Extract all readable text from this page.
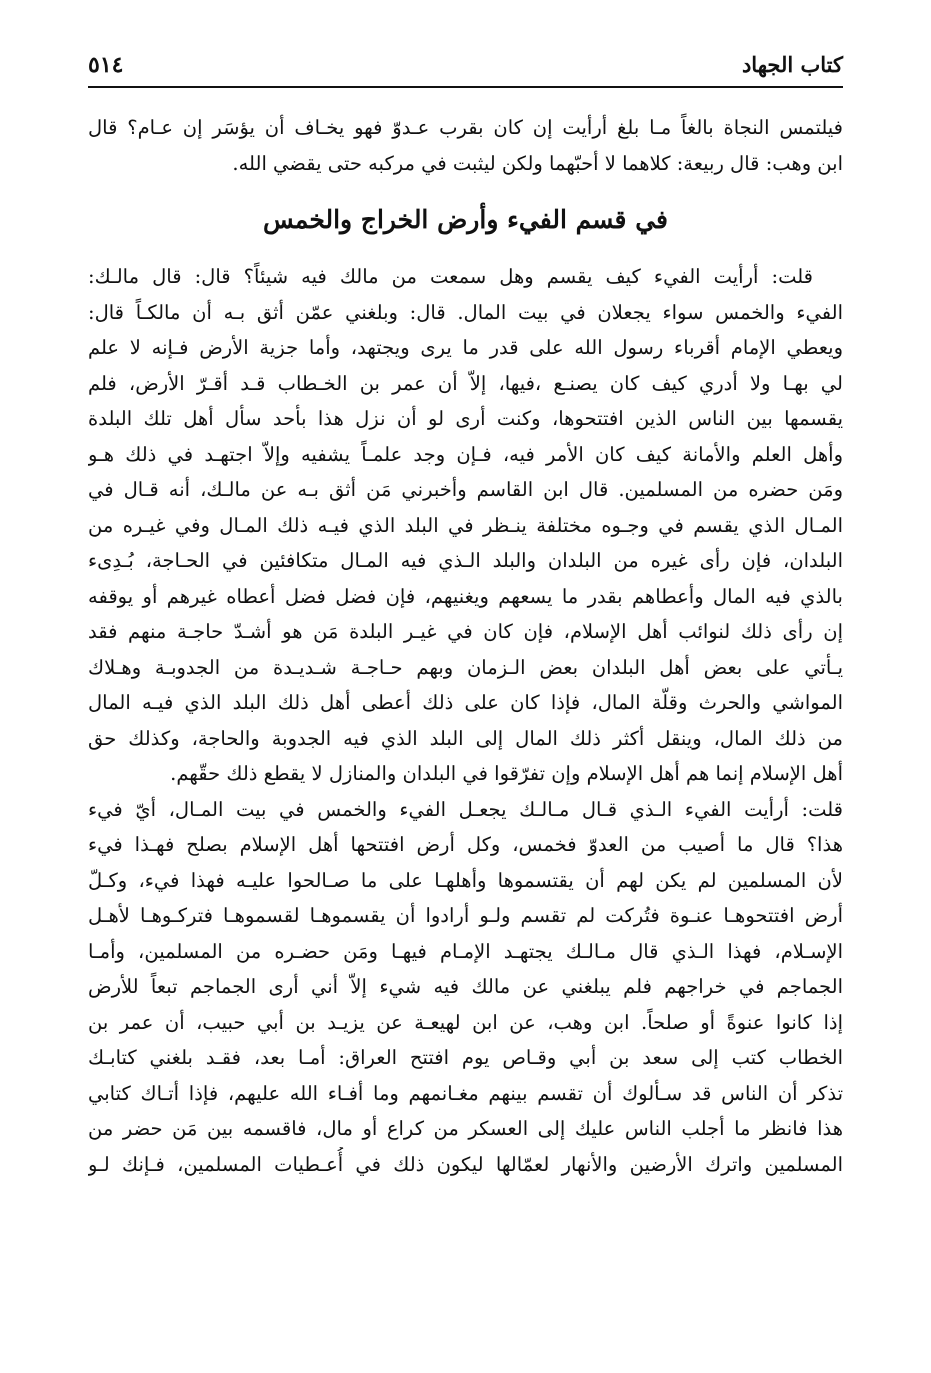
كتاب الجهاد
٥١٤
فيلتمس النجاة بالغاً مـا بلغ أرأيت إن كان بقرب عـدوّ فهو يخـاف أن يؤسَر إن عـام؟ قال
ابن وهب: قال ربيعة: كلاهما لا أحبّهما ولكن ليثبت في مركبه حتى يقضي الله.
في قسم الفيء وأرض الخراج والخمس
قلت: أرأيت الفيء كيف يقسم وهل سمعت من مالك فيه شيئاً؟ قال: قال مالـك:
الفيء والخمس سواء يجعلان في بيت المال. قال: وبلغني عمّن أثق بـه أن مالكـاً قال:
ويعطي الإمام أقرباء رسول الله على قدر ما يرى ويجتهد، وأما جزية الأرض فـإنه لا علم
لي بهـا ولا أدري كيف كان يصنـع ،فيها، إلاّ أن عمر بن الخـطاب قـد أقـرّ الأرض، فلم
يقسمها بين الناس الذين افتتحوها، وكنت أرى لو أن نزل هذا بأحد سأل أهل تلك البلدة
وأهل العلم والأمانة كيف كان الأمر فيه، فـإن وجد علمـاً يشفيه وإلاّ اجتهـد في ذلك هـو
ومَن حضره من المسلمين. قال ابن القاسم وأخبرني مَن أثق بـه عن مالـك، أنه قـال في
المـال الذي يقسم في وجـوه مختلفة ينـظر في البلد الذي فيـه ذلك المـال وفي غيـره من
البلدان، فإن رأى غيره من البلدان والبلد الـذي فيه المـال متكافئين في الحـاجة، بُـدِىء
بالذي فيه المال وأعطاهم بقدر ما يسعهم ويغنيهم، فإن فضل فضل أعطاه غيرهم أو يوقفه
إن رأى ذلك لنوائب أهل الإسلام، فإن كان في غيـر البلدة مَن هو أشـدّ حاجـة منهم فقد
يـأتي على بعض أهل البلدان بعض الـزمان وبهم حـاجـة شـديـدة من الجدوبـة وهـلاك
المواشي والحرث وقلّة المال، فإذا كان على ذلك أعطى أهل ذلك البلد الذي فيـه المال
من ذلك المال، وينقل أكثر ذلك المال إلى البلد الذي فيه الجدوبة والحاجة، وكذلك حق
أهل الإسلام إنما هم أهل الإسلام وإن تفرّقوا في البلدان والمنازل لا يقطع ذلك حقّهم.
قلت: أرأيت الفيء الـذي قـال مـالـك يجعـل الفيء والخمس في بيت المـال، أيّ فيء
هذا؟ قال ما أصيب من العدوّ فخمس، وكل أرض افتتحها أهل الإسلام بصلح فهـذا فيء
لأن المسلمين لم يكن لهم أن يقتسموها وأهلهـا على ما صـالحوا عليـه فهذا فيء، وكـلّ
أرض افتتحوهـا عنـوة فتُركت لم تقسم ولـو أرادوا أن يقسموهـا لقسموهـا فتركـوهـا لأهـل
الإسـلام، فهذا الـذي قال مـالـك يجتهـد الإمـام فيهـا ومَن حضـره من المسلمين، وأمـا
الجماجم في خراجهم فلم يبلغني عن مالك فيه شيء إلاّ أني أرى الجماجم تبعاً للأرض
إذا كانوا عنوةً أو صلحاً. ابن وهب، عن ابن لهيعـة عن يزيـد بن أبي حبيب، أن عمر بن
الخطاب كتب إلى سعد بن أبي وقـاص يوم افتتح العراق: أمـا بعد، فقـد بلغني كتابـك
تذكر أن الناس قد سـألوك أن تقسم بينهم مغـانمهم وما أفـاء الله عليهم، فإذا أتـاك كتابي
هذا فانظر ما أجلب الناس عليك إلى العسكر من كراع أو مال، فاقسمه بين مَن حضر من
المسلمين واترك الأرضين والأنهار لعمّالها ليكون ذلك في أُعـطيات المسلمين، فـإنك لـو
